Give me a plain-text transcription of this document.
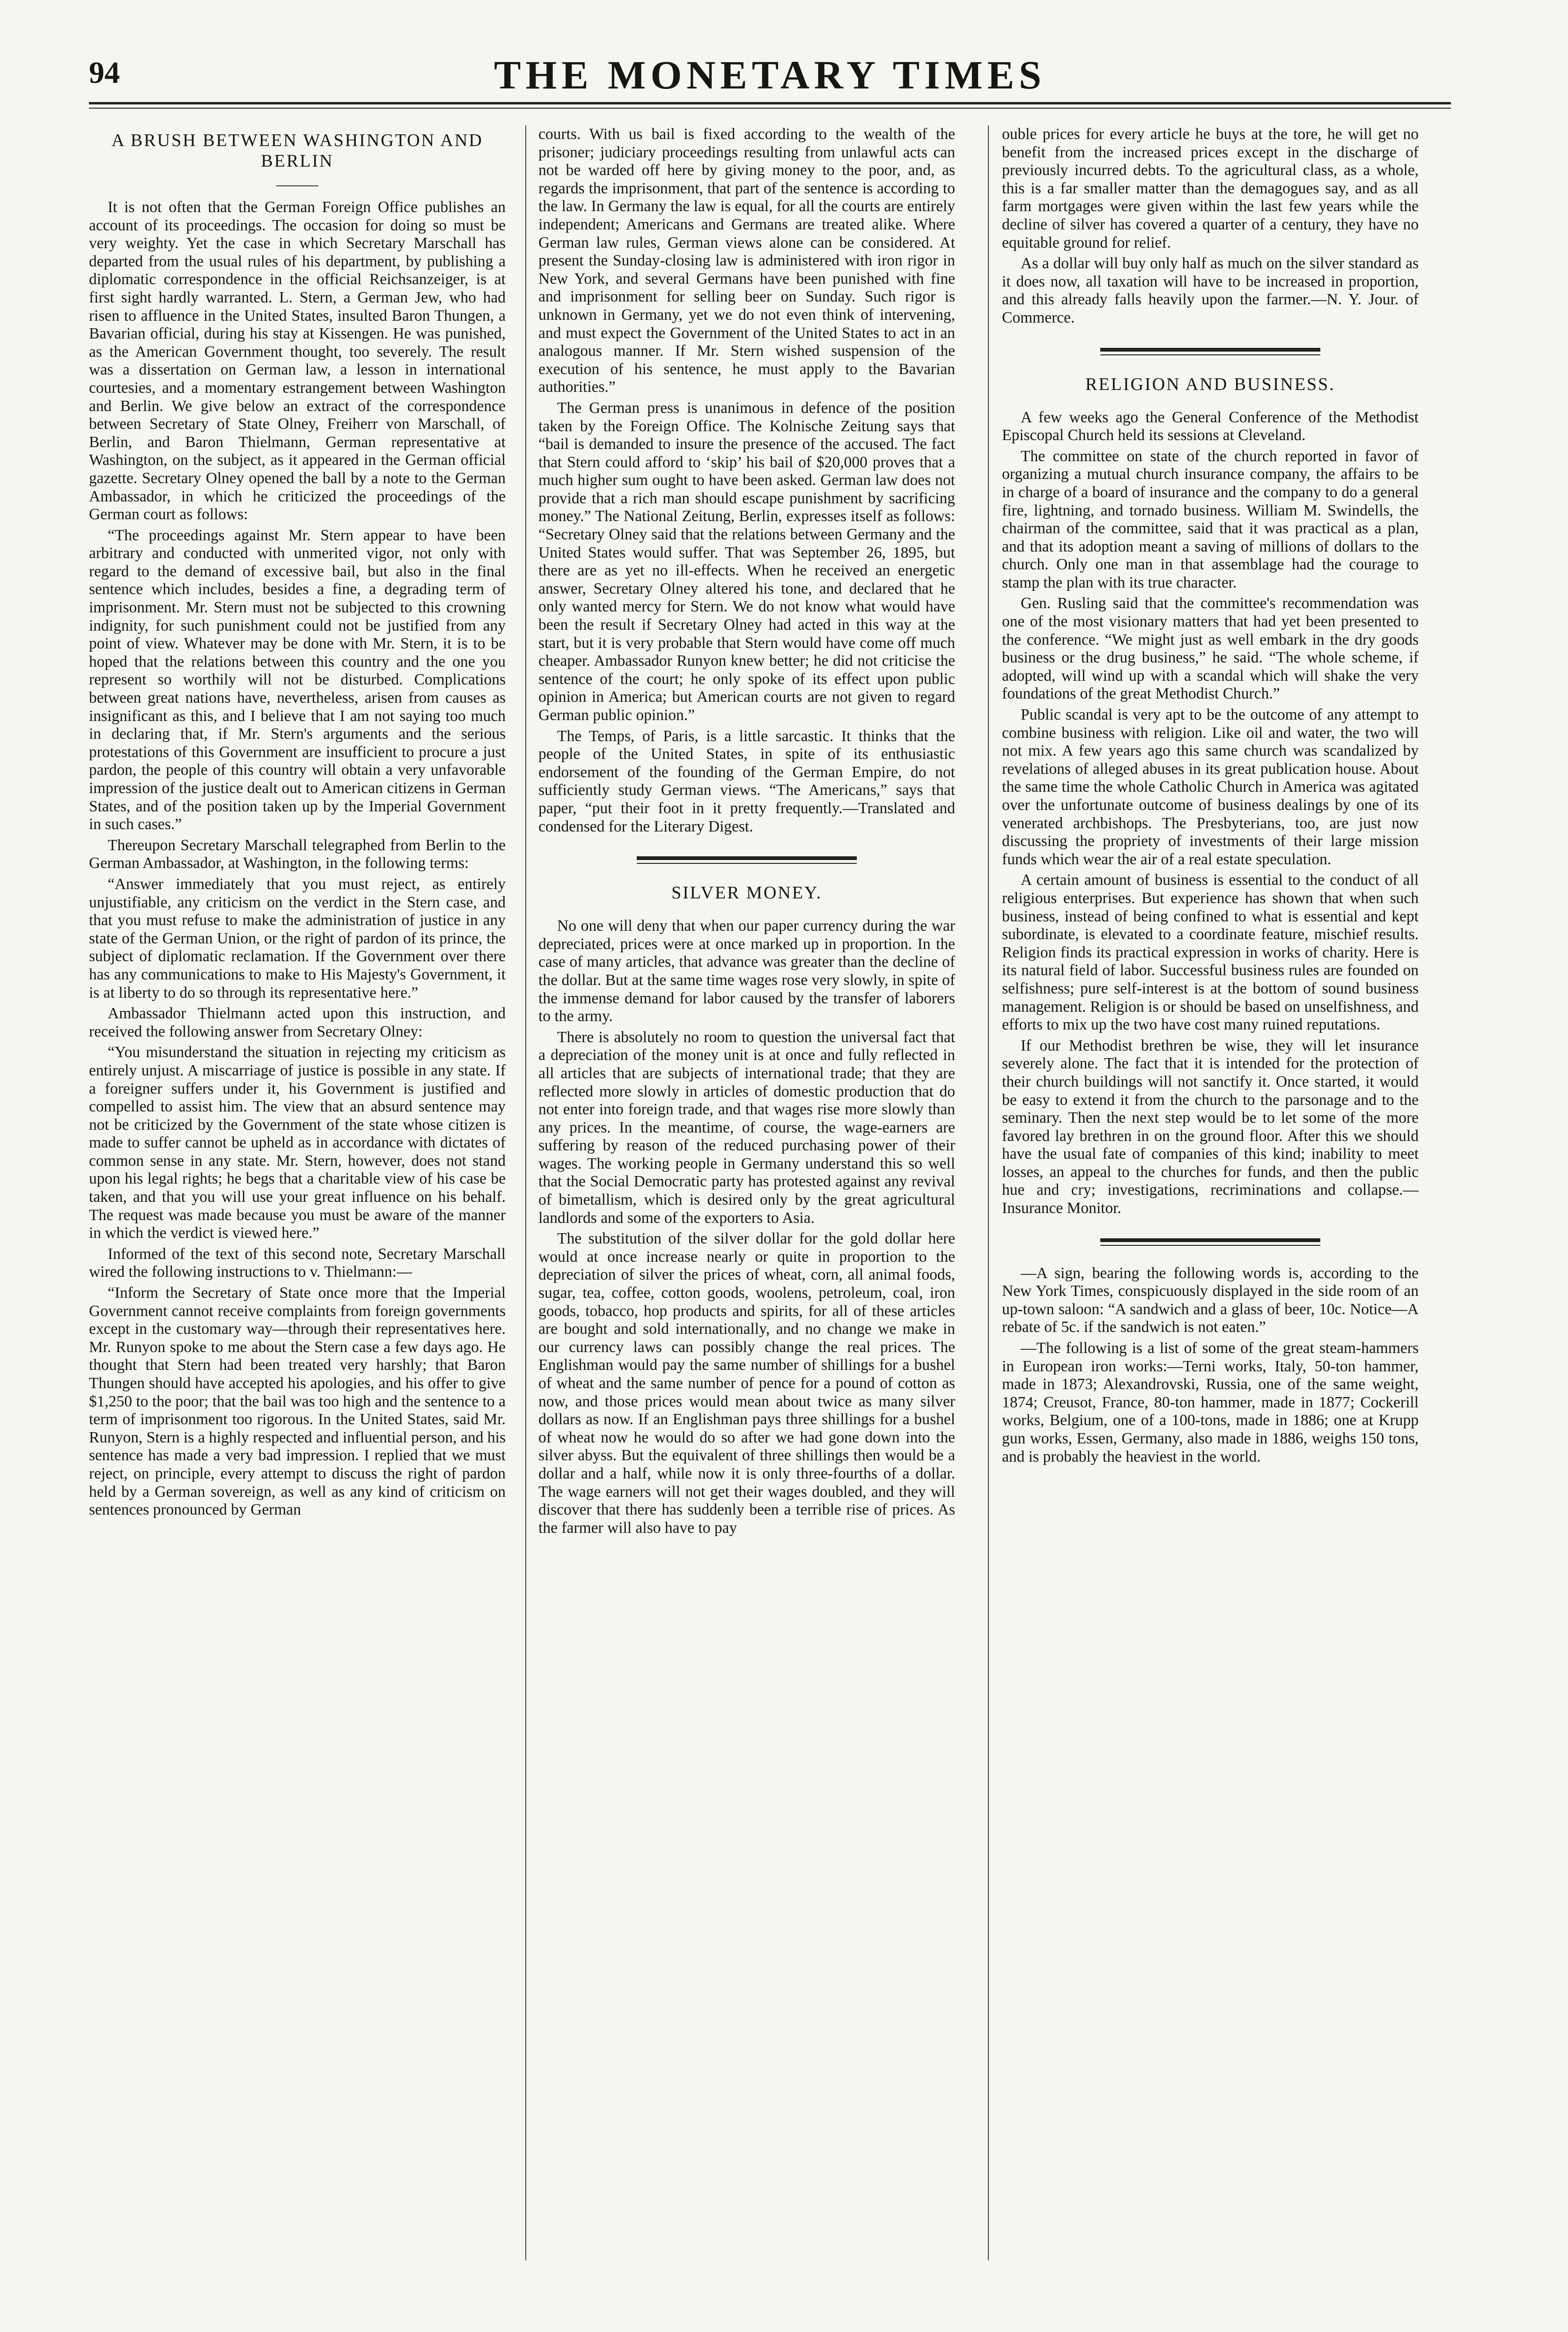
94	THE MONETARY TIMES
A BRUSH BETWEEN WASHINGTON AND BERLIN

It is not often that the German Foreign Office publishes an account of its proceedings. The occasion for doing so must be very weighty. Yet the case in which Secretary Marschall has departed from the usual rules of his department, by publishing a diplomatic correspondence in the official Reichsanzeiger, is at first sight hardly warranted. L. Stern, a German Jew, who had risen to affluence in the United States, insulted Baron Thungen, a Bavarian official, during his stay at Kissengen. He was punished, as the American Government thought, too severely. The result was a dissertation on German law, a lesson in international courtesies, and a momentary estrangement between Washington and Berlin. We give below an extract of the correspondence between Secretary of State Olney, Freiherr von Marschall, of Berlin, and Baron Thielmann, German representative at Washington, on the subject, as it appeared in the German official gazette. Secretary Olney opened the ball by a note to the German Ambassador, in which he criticized the proceedings of the German court as follows:

“The proceedings against Mr. Stern appear to have been arbitrary and conducted with unmerited vigor, not only with regard to the demand of excessive bail, but also in the final sentence which includes, besides a fine, a degrading term of imprisonment. Mr. Stern must not be subjected to this crowning indignity, for such punishment could not be justified from any point of view. Whatever may be done with Mr. Stern, it is to be hoped that the relations between this country and the one you represent so worthily will not be disturbed. Complications between great nations have, nevertheless, arisen from causes as insignificant as this, and I believe that I am not saying too much in declaring that, if Mr. Stern's arguments and the serious protestations of this Government are insufficient to procure a just pardon, the people of this country will obtain a very unfavorable impression of the justice dealt out to American citizens in German States, and of the position taken up by the Imperial Government in such cases.”

Thereupon Secretary Marschall telegraphed from Berlin to the German Ambassador, at Washington, in the following terms:

“Answer immediately that you must reject, as entirely unjustifiable, any criticism on the verdict in the Stern case, and that you must refuse to make the administration of justice in any state of the German Union, or the right of pardon of its prince, the subject of diplomatic reclamation. If the Government over there has any communications to make to His Majesty's Government, it is at liberty to do so through its representative here.”

Ambassador Thielmann acted upon this instruction, and received the following answer from Secretary Olney:

“You misunderstand the situation in rejecting my criticism as entirely unjust. A miscarriage of justice is possible in any state. If a foreigner suffers under it, his Government is justified and compelled to assist him. The view that an absurd sentence may not be criticized by the Government of the state whose citizen is made to suffer cannot be upheld as in accordance with dictates of common sense in any state. Mr. Stern, however, does not stand upon his legal rights; he begs that a charitable view of his case be taken, and that you will use your great influence on his behalf. The request was made because you must be aware of the manner in which the verdict is viewed here.”

Informed of the text of this second note, Secretary Marschall wired the following instructions to v. Thielmann:—

“Inform the Secretary of State once more that the Imperial Government cannot receive complaints from foreign governments except in the customary way—through their representatives here. Mr. Runyon spoke to me about the Stern case a few days ago. He thought that Stern had been treated very harshly; that Baron Thungen should have accepted his apologies, and his offer to give $1,250 to the poor; that the bail was too high and the sentence to a term of imprisonment too rigorous. In the United States, said Mr. Runyon, Stern is a highly respected and influential person, and his sentence has made a very bad impression. I replied that we must reject, on principle, every attempt to discuss the right of pardon held by a German sovereign, as well as any kind of criticism on sentences pronounced by German

courts. With us bail is fixed according to the wealth of the prisoner; judiciary proceedings resulting from unlawful acts can not be warded off here by giving money to the poor, and, as regards the imprisonment, that part of the sentence is according to the law. In Germany the law is equal, for all the courts are entirely independent; Americans and Germans are treated alike. Where German law rules, German views alone can be considered. At present the Sunday-closing law is administered with iron rigor in New York, and several Germans have been punished with fine and imprisonment for selling beer on Sunday. Such rigor is unknown in Germany, yet we do not even think of intervening, and must expect the Government of the United States to act in an analogous manner. If Mr. Stern wished suspension of the execution of his sentence, he must apply to the Bavarian authorities.”

The German press is unanimous in defence of the position taken by the Foreign Office. The Kolnische Zeitung says that “bail is demanded to insure the presence of the accused. The fact that Stern could afford to ‘skip’ his bail of $20,000 proves that a much higher sum ought to have been asked. German law does not provide that a rich man should escape punishment by sacrificing money.” The National Zeitung, Berlin, expresses itself as follows: “Secretary Olney said that the relations between Germany and the United States would suffer. That was September 26, 1895, but there are as yet no ill-effects. When he received an energetic answer, Secretary Olney altered his tone, and declared that he only wanted mercy for Stern. We do not know what would have been the result if Secretary Olney had acted in this way at the start, but it is very probable that Stern would have come off much cheaper. Ambassador Runyon knew better; he did not criticise the sentence of the court; he only spoke of its effect upon public opinion in America; but American courts are not given to regard German public opinion.”

The Temps, of Paris, is a little sarcastic. It thinks that the people of the United States, in spite of its enthusiastic endorsement of the founding of the German Empire, do not sufficiently study German views. “The Americans,” says that paper, “put their foot in it pretty frequently.—Translated and condensed for the Literary Digest.

SILVER MONEY.

No one will deny that when our paper currency during the war depreciated, prices were at once marked up in proportion. In the case of many articles, that advance was greater than the decline of the dollar. But at the same time wages rose very slowly, in spite of the immense demand for labor caused by the transfer of laborers to the army.

There is absolutely no room to question the universal fact that a depreciation of the money unit is at once and fully reflected in all articles that are subjects of international trade; that they are reflected more slowly in articles of domestic production that do not enter into foreign trade, and that wages rise more slowly than any prices. In the meantime, of course, the wage-earners are suffering by reason of the reduced purchasing power of their wages. The working people in Germany understand this so well that the Social Democratic party has protested against any revival of bimetallism, which is desired only by the great agricultural landlords and some of the exporters to Asia.

The substitution of the silver dollar for the gold dollar here would at once increase nearly or quite in proportion to the depreciation of silver the prices of wheat, corn, all animal foods, sugar, tea, coffee, cotton goods, woolens, petroleum, coal, iron goods, tobacco, hop products and spirits, for all of these articles are bought and sold internationally, and no change we make in our currency laws can possibly change the real prices. The Englishman would pay the same number of shillings for a bushel of wheat and the same number of pence for a pound of cotton as now, and those prices would mean about twice as many silver dollars as now. If an Englishman pays three shillings for a bushel of wheat now he would do so after we had gone down into the silver abyss. But the equivalent of three shillings then would be a dollar and a half, while now it is only three-fourths of a dollar. The wage earners will not get their wages doubled, and they will discover that there has suddenly been a terrible rise of prices. As the farmer will also have to pay

ouble prices for every article he buys at the tore, he will get no benefit from the increased prices except in the discharge of previously incurred debts. To the agricultural class, as a whole, this is a far smaller matter than the demagogues say, and as all farm mortgages were given within the last few years while the decline of silver has covered a quarter of a century, they have no equitable ground for relief.

As a dollar will buy only half as much on the silver standard as it does now, all taxation will have to be increased in proportion, and this already falls heavily upon the farmer.—N. Y. Jour. of Commerce.

RELIGION AND BUSINESS.

A few weeks ago the General Conference of the Methodist Episcopal Church held its sessions at Cleveland.

The committee on state of the church reported in favor of organizing a mutual church insurance company, the affairs to be in charge of a board of insurance and the company to do a general fire, lightning, and tornado business. William M. Swindells, the chairman of the committee, said that it was practical as a plan, and that its adoption meant a saving of millions of dollars to the church. Only one man in that assemblage had the courage to stamp the plan with its true character.

Gen. Rusling said that the committee's recommendation was one of the most visionary matters that had yet been presented to the conference. “We might just as well embark in the dry goods business or the drug business,” he said. “The whole scheme, if adopted, will wind up with a scandal which will shake the very foundations of the great Methodist Church.”

Public scandal is very apt to be the outcome of any attempt to combine business with religion. Like oil and water, the two will not mix. A few years ago this same church was scandalized by revelations of alleged abuses in its great publication house. About the same time the whole Catholic Church in America was agitated over the unfortunate outcome of business dealings by one of its venerated archbishops. The Presbyterians, too, are just now discussing the propriety of investments of their large mission funds which wear the air of a real estate speculation.

A certain amount of business is essential to the conduct of all religious enterprises. But experience has shown that when such business, instead of being confined to what is essential and kept subordinate, is elevated to a coordinate feature, mischief results. Religion finds its practical expression in works of charity. Here is its natural field of labor. Successful business rules are founded on selfishness; pure self-interest is at the bottom of sound business management. Religion is or should be based on unselfishness, and efforts to mix up the two have cost many ruined reputations.

If our Methodist brethren be wise, they will let insurance severely alone. The fact that it is intended for the protection of their church buildings will not sanctify it. Once started, it would be easy to extend it from the church to the parsonage and to the seminary. Then the next step would be to let some of the more favored lay brethren in on the ground floor. After this we should have the usual fate of companies of this kind; inability to meet losses, an appeal to the churches for funds, and then the public hue and cry; investigations, recriminations and collapse.—Insurance Monitor.

—A sign, bearing the following words is, according to the New York Times, conspicuously displayed in the side room of an up-town saloon: “A sandwich and a glass of beer, 10c. Notice—A rebate of 5c. if the sandwich is not eaten.”

—The following is a list of some of the great steam-hammers in European iron works:—Terni works, Italy, 50-ton hammer, made in 1873; Alexandrovski, Russia, one of the same weight, 1874; Creusot, France, 80-ton hammer, made in 1877; Cockerill works, Belgium, one of a 100-tons, made in 1886; one at Krupp gun works, Essen, Germany, also made in 1886, weighs 150 tons, and is probably the heaviest in the world.
